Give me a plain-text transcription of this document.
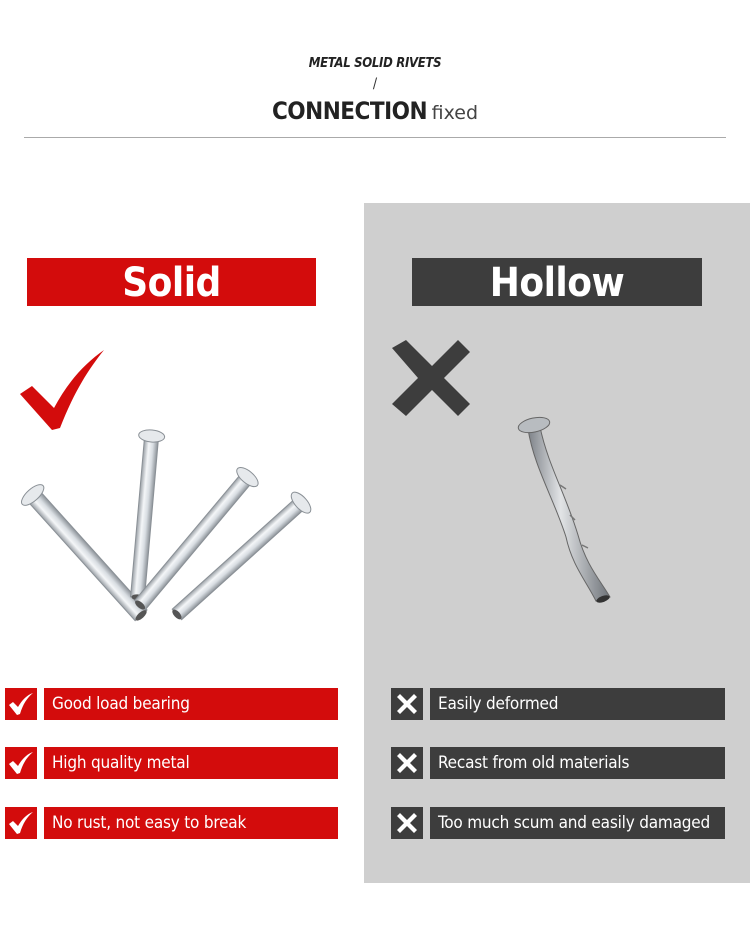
METAL SOLID RIVETS
/
CONNECTION fixed
Solid	Hollow
Good load bearing
High quality metal
No rust, not easy to break
Easily deformed
Recast from old materials
Too much scum and easily damaged
